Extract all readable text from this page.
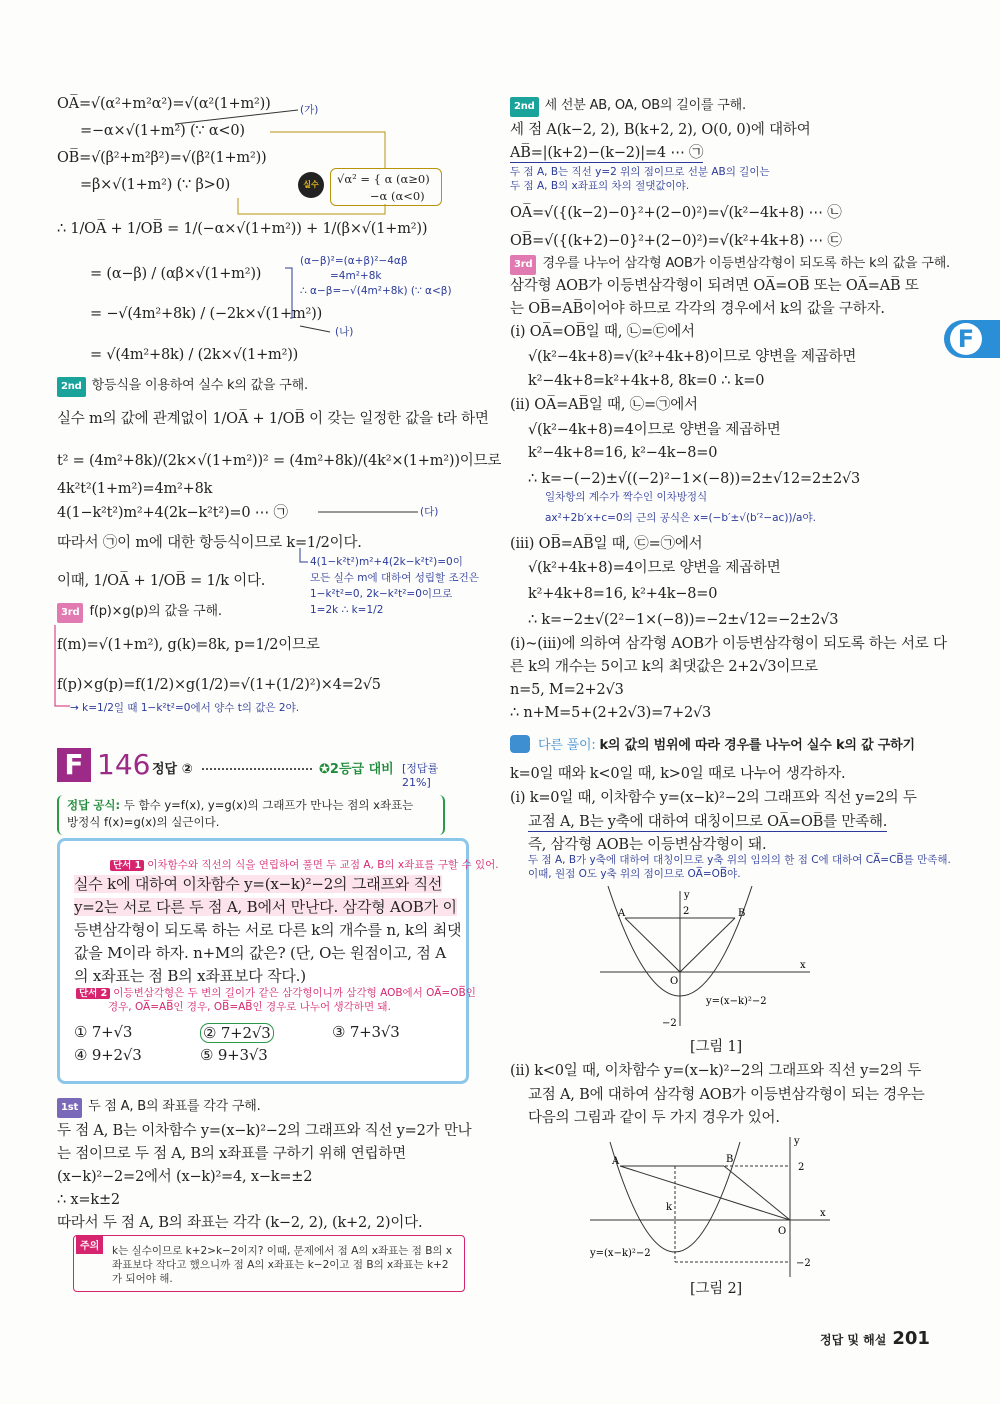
F
실수	√α² = { α (α≥0)
−α (α<0)
F 146 정답 ②	✪2등급 대비 [정답률 21%]
정답 공식: 두 함수 y=f(x), y=g(x)의 그래프가 만나는 점의 x좌표는
방정식 f(x)=g(x)의 실근이다.
단서 1 이차함수와 직선의 식을 연립하여 풀면 두 교점 A, B의 x좌표를 구할 수 있어.
실수 k에 대하여 이차함수 y=(x−k)²−2의 그래프와 직선
y=2는 서로 다른 두 점 A, B에서 만난다. 삼각형 AOB가 이
등변삼각형이 되도록 하는 서로 다른 k의 개수를 n, k의 최댓
값을 M이라 하자. n+M의 값은? (단, O는 원점이고, 점 A
의 x좌표는 점 B의 x좌표보다 작다.)
단서 2 이등변삼각형은 두 변의 길이가 같은 삼각형이니까 삼각형 AOB에서 OA̅=OB̅인
경우, OA̅=AB̅인 경우, OB̅=AB̅인 경우로 나누어 생각하면 돼.
① 7+√3	② 7+2√3	③ 7+3√3
④ 9+2√3	⑤ 9+3√3
주의	k는 실수이므로 k+2>k−2이지? 이때, 문제에서 점 A의 x좌표는 점 B의 x좌표보다 작다고 했으니까 점 A의 x좌표는 k−2이고 점 B의 x좌표는 k+2가 되어야 해.
A	B
O
x
y
2
−2
y=(x−k)²−2
[그림 1]
A	B
O
x
y
2
−2
k
y=(x−k)²−2
[그림 2]
정답 및 해설 201
OA̅=√(α²+m²α²)=√(α²(1+m²))
=−α×√(1+m²) (∵ α<0)
OB̅=√(β²+m²β²)=√(β²(1+m²))
=β×√(1+m²) (∵ β>0)
∴ 1/OA̅ + 1/OB̅ = 1/(−α×√(1+m²)) + 1/(β×√(1+m²))
= (α−β) / (αβ×√(1+m²))
= −√(4m²+8k) / (−2k×√(1+m²))
= √(4m²+8k) / (2k×√(1+m²))
실수 m의 값에 관계없이 1/OA̅ + 1/OB̅ 이 갖는 일정한 값을 t라 하면
t² = (4m²+8k)/(2k×√(1+m²))² = (4m²+8k)/(4k²×(1+m²))이므로
4k²t²(1+m²)=4m²+8k
4(1−k²t²)m²+4(2k−k²t²)=0 ⋯ ㉠
따라서 ㉠이 m에 대한 항등식이므로 k=1/2이다.
이때, 1/OA̅ + 1/OB̅ = 1/k 이다.
f(m)=√(1+m²), g(k)=8k, p=1/2이므로
f(p)×g(p)=f(1/2)×g(1/2)=√(1+(1/2)²)×4=2√5
2nd 항등식을 이용하여 실수 k의 값을 구해.
3rd f(p)×g(p)의 값을 구해.
(가)
(나)
(다)
(α−β)²=(α+β)²−4αβ
=4m²+8k
∴ α−β=−√(4m²+8k) (∵ α<β)
4(1−k²t²)m²+4(2k−k²t²)=0이
모든 실수 m에 대하여 성립할 조건은
1−k²t²=0, 2k−k²t²=0이므로
1=2k ∴ k=1/2
→ k=1/2일 때 1−k²t²=0에서 양수 t의 값은 2야.
1st 두 점 A, B의 좌표를 각각 구해.
두 점 A, B는 이차함수 y=(x−k)²−2의 그래프와 직선 y=2가 만나
는 점이므로 두 점 A, B의 x좌표를 구하기 위해 연립하면
(x−k)²−2=2에서 (x−k)²=4, x−k=±2
∴ x=k±2
따라서 두 점 A, B의 좌표는 각각 (k−2, 2), (k+2, 2)이다.
2nd 세 선분 AB, OA, OB의 길이를 구해.
세 점 A(k−2, 2), B(k+2, 2), O(0, 0)에 대하여
AB̅=|(k+2)−(k−2)|=4 ⋯ ㉠
두 점 A, B는 직선 y=2 위의 점이므로 선분 AB의 길이는
두 점 A, B의 x좌표의 차의 절댓값이야.
OA̅=√({(k−2)−0}²+(2−0)²)=√(k²−4k+8) ⋯ ㉡
OB̅=√({(k+2)−0}²+(2−0)²)=√(k²+4k+8) ⋯ ㉢
3rd 경우를 나누어 삼각형 AOB가 이등변삼각형이 되도록 하는 k의 값을 구해.
삼각형 AOB가 이등변삼각형이 되려면 OA̅=OB̅ 또는 OA̅=AB̅ 또
는 OB̅=AB̅이어야 하므로 각각의 경우에서 k의 값을 구하자.
(i) OA̅=OB̅일 때, ㉡=㉢에서
√(k²−4k+8)=√(k²+4k+8)이므로 양변을 제곱하면
k²−4k+8=k²+4k+8, 8k=0 ∴ k=0
(ii) OA̅=AB̅일 때, ㉡=㉠에서
√(k²−4k+8)=4이므로 양변을 제곱하면
k²−4k+8=16, k²−4k−8=0
∴ k=−(−2)±√((−2)²−1×(−8))=2±√12=2±2√3
일차항의 계수가 짝수인 이차방정식
ax²+2b′x+c=0의 근의 공식은 x=(−b′±√(b′²−ac))/a야.
(iii) OB̅=AB̅일 때, ㉢=㉠에서
√(k²+4k+8)=4이므로 양변을 제곱하면
k²+4k+8=16, k²+4k−8=0
∴ k=−2±√(2²−1×(−8))=−2±√12=−2±2√3
(i)~(iii)에 의하여 삼각형 AOB가 이등변삼각형이 되도록 하는 서로 다
른 k의 개수는 5이고 k의 최댓값은 2+2√3이므로
n=5, M=2+2√3
∴ n+M=5+(2+2√3)=7+2√3
다른 풀이: k의 값의 범위에 따라 경우를 나누어 실수 k의 값 구하기
k=0일 때와 k<0일 때, k>0일 때로 나누어 생각하자.
(i) k=0일 때, 이차함수 y=(x−k)²−2의 그래프와 직선 y=2의 두
교점 A, B는 y축에 대하여 대칭이므로 OA̅=OB̅를 만족해.
즉, 삼각형 AOB는 이등변삼각형이 돼.
두 점 A, B가 y축에 대하여 대칭이므로 y축 위의 임의의 한 점 C에 대하여 CA̅=CB̅를 만족해.
이때, 원점 O도 y축 위의 점이므로 OA̅=OB̅야.
(ii) k<0일 때, 이차함수 y=(x−k)²−2의 그래프와 직선 y=2의 두
교점 A, B에 대하여 삼각형 AOB가 이등변삼각형이 되는 경우는
다음의 그림과 같이 두 가지 경우가 있어.
